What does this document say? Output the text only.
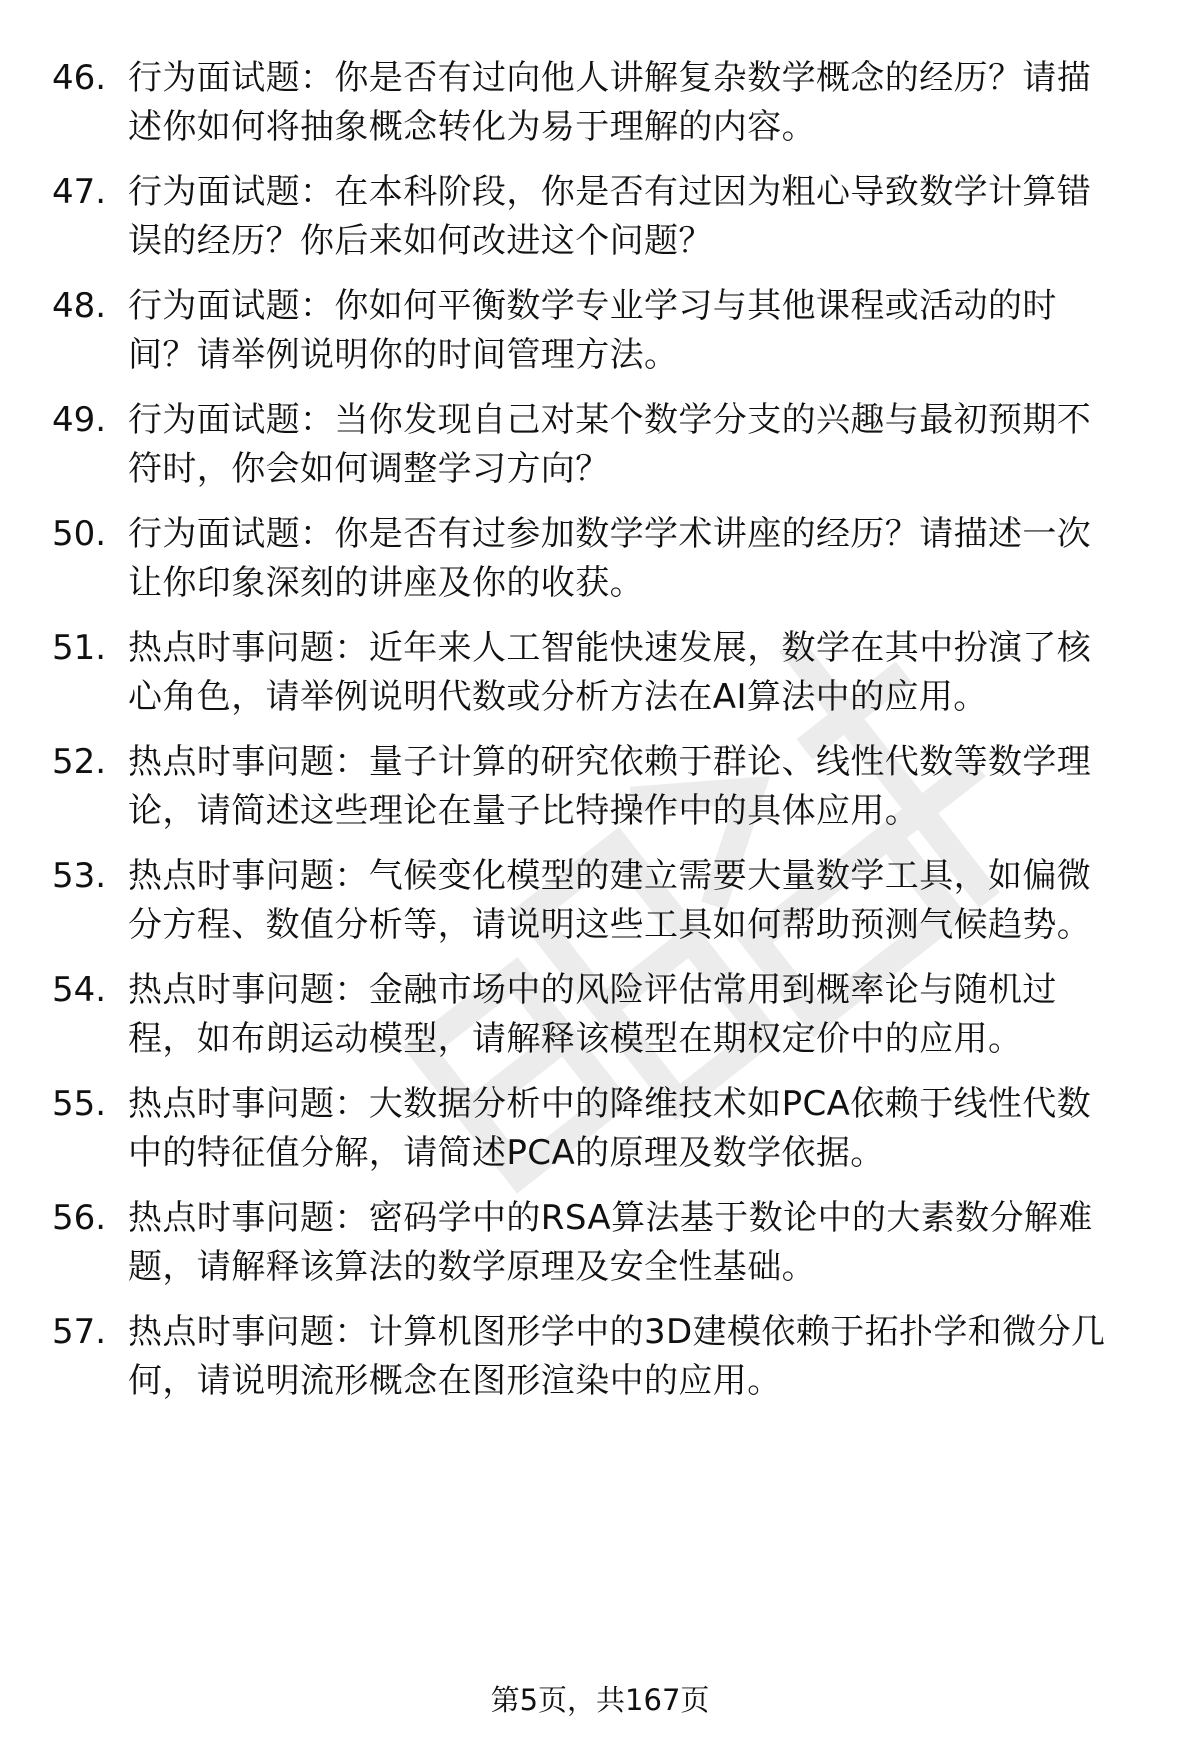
46. 行为面试题：你是否有过向他人讲解复杂数学概念的经历？请描
述你如何将抽象概念转化为易于理解的内容。
47. 行为面试题：在本科阶段，你是否有过因为粗心导致数学计算错
误的经历？你后来如何改进这个问题？
48. 行为面试题：你如何平衡数学专业学习与其他课程或活动的时
间？请举例说明你的时间管理方法。
49. 行为面试题：当你发现自己对某个数学分支的兴趣与最初预期不
符时，你会如何调整学习方向？
50. 行为面试题：你是否有过参加数学学术讲座的经历？请描述一次
让你印象深刻的讲座及你的收获。
51. 热点时事问题：近年来人工智能快速发展，数学在其中扮演了核
心角色，请举例说明代数或分析方法在AI算法中的应用。
52. 热点时事问题：量子计算的研究依赖于群论、线性代数等数学理
论，请简述这些理论在量子比特操作中的具体应用。
53. 热点时事问题：气候变化模型的建立需要大量数学工具，如偏微
分方程、数值分析等，请说明这些工具如何帮助预测气候趋势。
54. 热点时事问题：金融市场中的风险评估常用到概率论与随机过
程，如布朗运动模型，请解释该模型在期权定价中的应用。
55. 热点时事问题：大数据分析中的降维技术如PCA依赖于线性代数
中的特征值分解，请简述PCA的原理及数学依据。
56. 热点时事问题：密码学中的RSA算法基于数论中的大素数分解难
题，请解释该算法的数学原理及安全性基础。
57. 热点时事问题：计算机图形学中的3D建模依赖于拓扑学和微分几
何，请说明流形概念在图形渲染中的应用。
第5页，共167页
